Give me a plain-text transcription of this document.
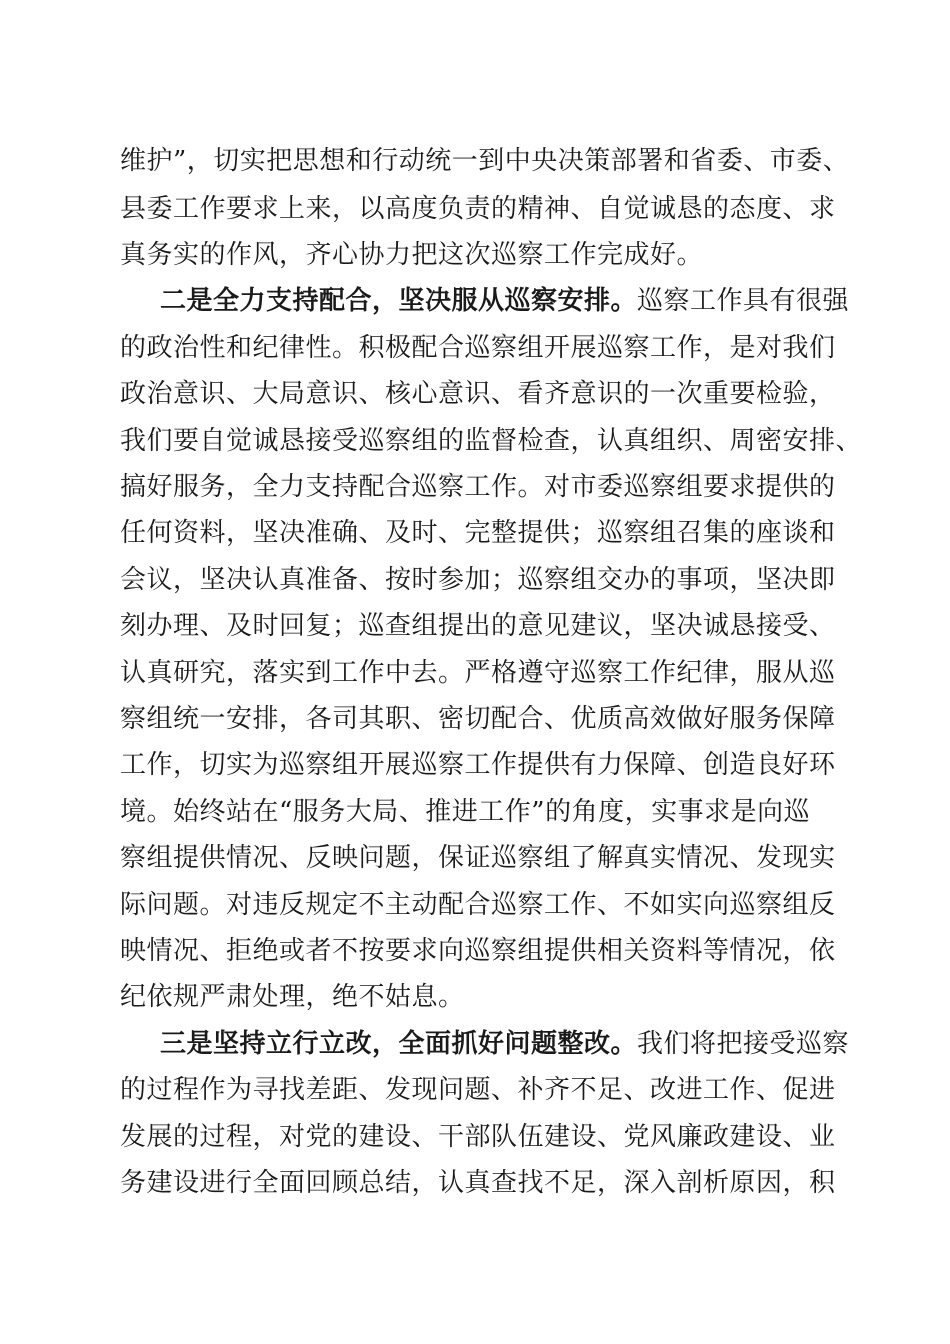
维护”，切实把思想和行动统一到中央决策部署和省委、市委、
县委工作要求上来，以高度负责的精神、自觉诚恳的态度、求
真务实的作风，齐心协力把这次巡察工作完成好。
二是全力支持配合，坚决服从巡察安排。巡察工作具有很强
的政治性和纪律性。积极配合巡察组开展巡察工作，是对我们
政治意识、大局意识、核心意识、看齐意识的一次重要检验，
我们要自觉诚恳接受巡察组的监督检查，认真组织、周密安排、
搞好服务，全力支持配合巡察工作。对市委巡察组要求提供的
任何资料，坚决准确、及时、完整提供；巡察组召集的座谈和
会议，坚决认真准备、按时参加；巡察组交办的事项，坚决即
刻办理、及时回复；巡查组提出的意见建议，坚决诚恳接受、
认真研究，落实到工作中去。严格遵守巡察工作纪律，服从巡
察组统一安排，各司其职、密切配合、优质高效做好服务保障
工作，切实为巡察组开展巡察工作提供有力保障、创造良好环
境。始终站在“服务大局、推进工作”的角度，实事求是向巡
察组提供情况、反映问题，保证巡察组了解真实情况、发现实
际问题。对违反规定不主动配合巡察工作、不如实向巡察组反
映情况、拒绝或者不按要求向巡察组提供相关资料等情况，依
纪依规严肃处理，绝不姑息。
三是坚持立行立改，全面抓好问题整改。我们将把接受巡察
的过程作为寻找差距、发现问题、补齐不足、改进工作、促进
发展的过程，对党的建设、干部队伍建设、党风廉政建设、业
务建设进行全面回顾总结，认真查找不足，深入剖析原因，积
